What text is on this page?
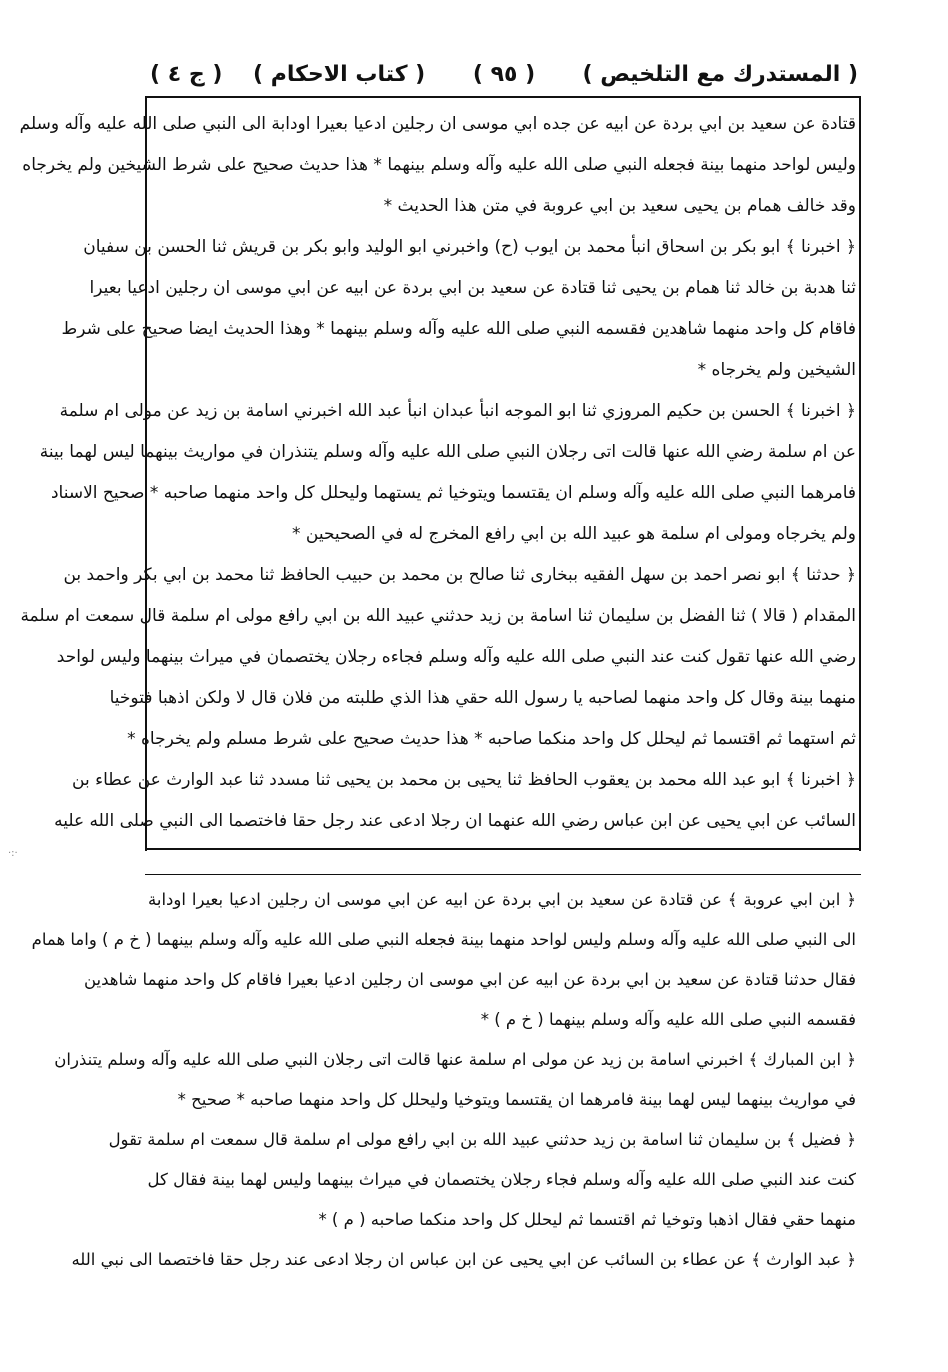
( المستدرك مع التلخيص )
( ٩٥ )
( كتاب الاحكام )    ( ج ٤ )
قتادة عن سعيد بن ابي بردة عن ابيه عن جده ابي موسى ان رجلين ادعيا بعيرا اودابة الى النبي صلى الله عليه وآله وسلم
وليس لواحد منهما بينة فجعله النبي صلى الله عليه وآله وسلم بينهما * هذا حديث صحيح على شرط الشيخين ولم يخرجاه
وقد خالف همام بن يحيى سعيد بن ابي عروبة في متن هذا الحديث *
﴿ اخبرنا ﴾ ابو بكر بن اسحاق انبأ محمد بن ايوب (ح) واخبرني ابو الوليد وابو بكر بن قريش ثنا الحسن بن سفيان
ثنا هدبة بن خالد ثنا همام بن يحيى ثنا قتادة عن سعيد بن ابي بردة عن ابيه عن ابي موسى ان رجلين ادعيا بعيرا
فاقام كل واحد منهما شاهدين فقسمه النبي صلى الله عليه وآله وسلم بينهما * وهذا الحديث ايضا صحيح على شرط
الشيخين ولم يخرجاه *
﴿ اخبرنا ﴾ الحسن بن حكيم المروزي ثنا ابو الموجه انبأ عبدان انبأ عبد الله اخبرني اسامة بن زيد عن مولى ام سلمة
عن ام سلمة رضي الله عنها قالت اتى رجلان النبي صلى الله عليه وآله وسلم يتنذران في مواريث بينهما ليس لهما بينة
فامرهما النبي صلى الله عليه وآله وسلم ان يقتسما ويتوخيا ثم يستهما وليحلل كل واحد منهما صاحبه * صحيح الاسناد
ولم يخرجاه ومولى ام سلمة هو عبيد الله بن ابي رافع المخرج له في الصحيحين *
﴿ حدثنا ﴾ ابو نصر احمد بن سهل الفقيه ببخارى ثنا صالح بن محمد بن حبيب الحافظ ثنا محمد بن ابي بكر واحمد بن
المقدام ( قالا ) ثنا الفضل بن سليمان ثنا اسامة بن زيد حدثني عبيد الله بن ابي رافع مولى ام سلمة قال سمعت ام سلمة
رضي الله عنها تقول كنت عند النبي صلى الله عليه وآله وسلم فجاءه رجلان يختصمان في ميراث بينهما وليس لواحد
منهما بينة وقال كل واحد منهما لصاحبه يا رسول الله حقي هذا الذي طلبته من فلان قال لا ولكن اذهبا فتوخيا
ثم استهما ثم اقتسما ثم ليحلل كل واحد منكما صاحبه * هذا حديث صحيح على شرط مسلم ولم يخرجاه *
﴿ اخبرنا ﴾ ابو عبد الله محمد بن يعقوب الحافظ ثنا يحيى بن محمد بن يحيى ثنا مسدد ثنا عبد الوارث عن عطاء بن
السائب عن ابي يحيى عن ابن عباس رضي الله عنهما ان رجلا ادعى عند رجل حقا فاختصما الى النبي صلى الله عليه
·:·
﴿ ابن ابي عروبة ﴾ عن قتادة عن سعيد بن ابي بردة عن ابيه عن ابي موسى ان رجلين ادعيا بعيرا اودابة
الى النبي صلى الله عليه وآله وسلم وليس لواحد منهما بينة فجعله النبي صلى الله عليه وآله وسلم بينهما ( خ م ) واما همام
فقال حدثنا قتادة عن سعيد بن ابي بردة عن ابيه عن ابي موسى ان رجلين ادعيا بعيرا فاقام كل واحد منهما شاهدين
فقسمه النبي صلى الله عليه وآله وسلم بينهما ( خ م ) *
﴿ ابن المبارك ﴾ اخبرني اسامة بن زيد عن مولى ام سلمة عنها قالت اتى رجلان النبي صلى الله عليه وآله وسلم يتنذران
في مواريث بينهما ليس لهما بينة فامرهما ان يقتسما ويتوخيا وليحلل كل واحد منهما صاحبه * صحيح *
﴿ فضيل ﴾ بن سليمان ثنا اسامة بن زيد حدثني عبيد الله بن ابي رافع مولى ام سلمة قال سمعت ام سلمة تقول
كنت عند النبي صلى الله عليه وآله وسلم فجاء رجلان يختصمان في ميراث بينهما وليس لهما بينة فقال كل
منهما حقي فقال اذهبا وتوخيا ثم اقتسما ثم ليحلل كل واحد منكما صاحبه ( م ) *
﴿ عبد الوارث ﴾ عن عطاء بن السائب عن ابي يحيى عن ابن عباس ان رجلا ادعى عند رجل حقا فاختصما الى نبي الله
